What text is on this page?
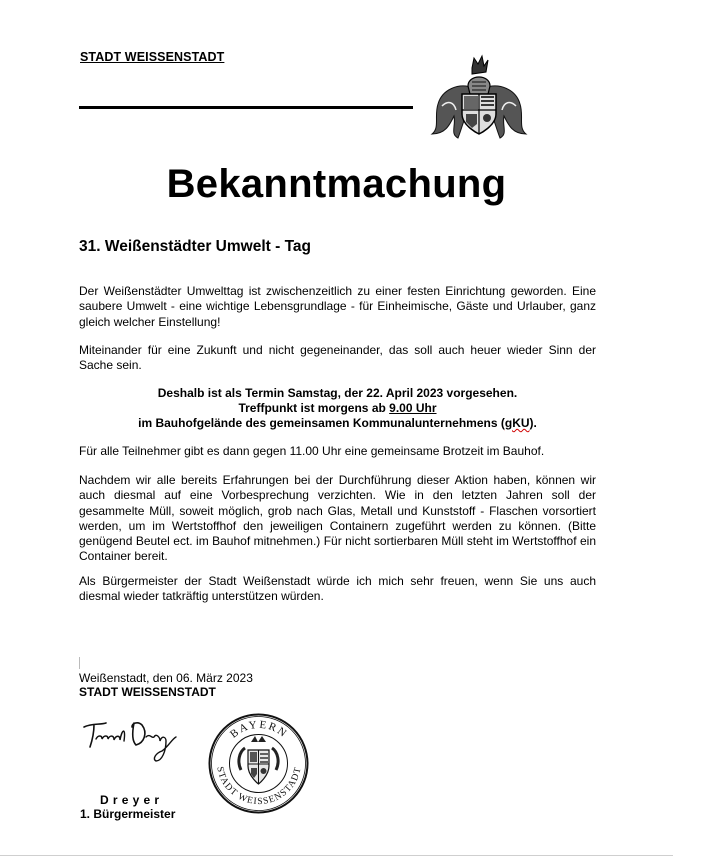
STADT WEISSENSTADT
Bekanntmachung
31. Weißenstädter Umwelt - Tag
Der Weißenstädter Umwelttag ist zwischenzeitlich zu einer festen Einrichtung geworden. Eine saubere Umwelt - eine wichtige Lebensgrundlage - für Einheimische, Gäste und Urlauber, ganz gleich welcher Einstellung!
Miteinander für eine Zukunft und nicht gegeneinander, das soll auch heuer wieder Sinn der Sache sein.
Deshalb ist als Termin Samstag, der 22. April 2023 vorgesehen.
Treffpunkt ist morgens ab 9.00 Uhr
im Bauhofgelände des gemeinsamen Kommunalunternehmens (gKU).
Für alle Teilnehmer gibt es dann gegen 11.00 Uhr eine gemeinsame Brotzeit im Bauhof.
Nachdem wir alle bereits Erfahrungen bei der Durchführung dieser Aktion haben, können wir auch diesmal auf eine Vorbesprechung verzichten. Wie in den letzten Jahren soll der gesammelte Müll, soweit möglich, grob nach Glas, Metall und Kunststoff - Flaschen vorsortiert werden, um im Wertstoffhof den jeweiligen Containern zugeführt werden zu können. (Bitte genügend Beutel ect. im Bauhof mitnehmen.) Für nicht sortierbaren Müll steht im Wertstoffhof ein Container bereit.
Als Bürgermeister der Stadt Weißenstadt würde ich mich sehr freuen, wenn Sie uns auch diesmal wieder tatkräftig unterstützen würden.
Weißenstadt, den 06. März 2023
STADT WEISSENSTADT
BAYERN
STADT WEISSENSTADT
Dreyer
1. Bürgermeister
